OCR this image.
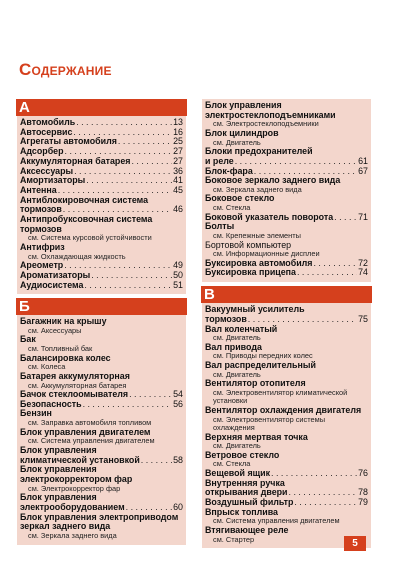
Содержание
А
Автомобиль . . .	13
Автосервис . . .	16
Агрегаты автомобиля . . .	25
Адсорбер . . .	27
Аккумуляторная батарея . . .	27
Аксессуары . . .	36
Амортизаторы . . .	41
Антенна . . .	45
Антиблокировочная система
тормозов . . .	46
Антипробуксовочная система
тормозов
см. Система курсовой устойчивости
Антифриз
см. Охлаждающая жидкость
Ареометр . . .	49
Ароматизаторы . . .	50
Аудиосистема . . .	51
Б
Багажник на крышу
см. Аксессуары
Бак
см. Топливный бак
Балансировка колес
см. Колеса
Батарея аккумуляторная
см. Аккумуляторная батарея
Бачок стеклоомывателя . . .	54
Безопасность . . .	56
Бензин
см. Заправка автомобиля топливом
Блок управления двигателем
см. Система управления двигателем
Блок управления
климатической установкой . . .	58
Блок управления
электрокорректором фар
см. Электрокорректор фар
Блок управления
электрооборудованием . . .	60
Блок управления электроприводом
зеркал заднего вида
см. Зеркала заднего вида
Блок управления
электростеклоподъемниками
см. Электростеклоподъемники
Блок цилиндров
см. Двигатель
Блоки предохранителей
и реле . . .	61
Блок-фара . . .	67
Боковое зеркало заднего вида
см. Зеркала заднего вида
Боковое стекло
см. Стекла
Боковой указатель поворота . . .	71
Болты
см. Крепежные элементы
Бортовой компьютер
см. Информационные дисплеи
Буксировка автомобиля . . .	72
Буксировка прицепа . . .	74
В
Вакуумный усилитель
тормозов . . .	75
Вал коленчатый
см. Двигатель
Вал привода
см. Приводы передних колес
Вал распределительный
см. Двигатель
Вентилятор отопителя
см. Электровентилятор климатической установки
Вентилятор охлаждения двигателя
см. Электровентилятор системы охлаждения
Верхняя мертвая точка
см. Двигатель
Ветровое стекло
см. Стекла
Вещевой ящик . . .	76
Внутренняя ручка
открывания двери . . .	78
Воздушный фильтр . . .	79
Впрыск топлива
см. Система управления двигателем
Втягивающее реле
см. Стартер	5
